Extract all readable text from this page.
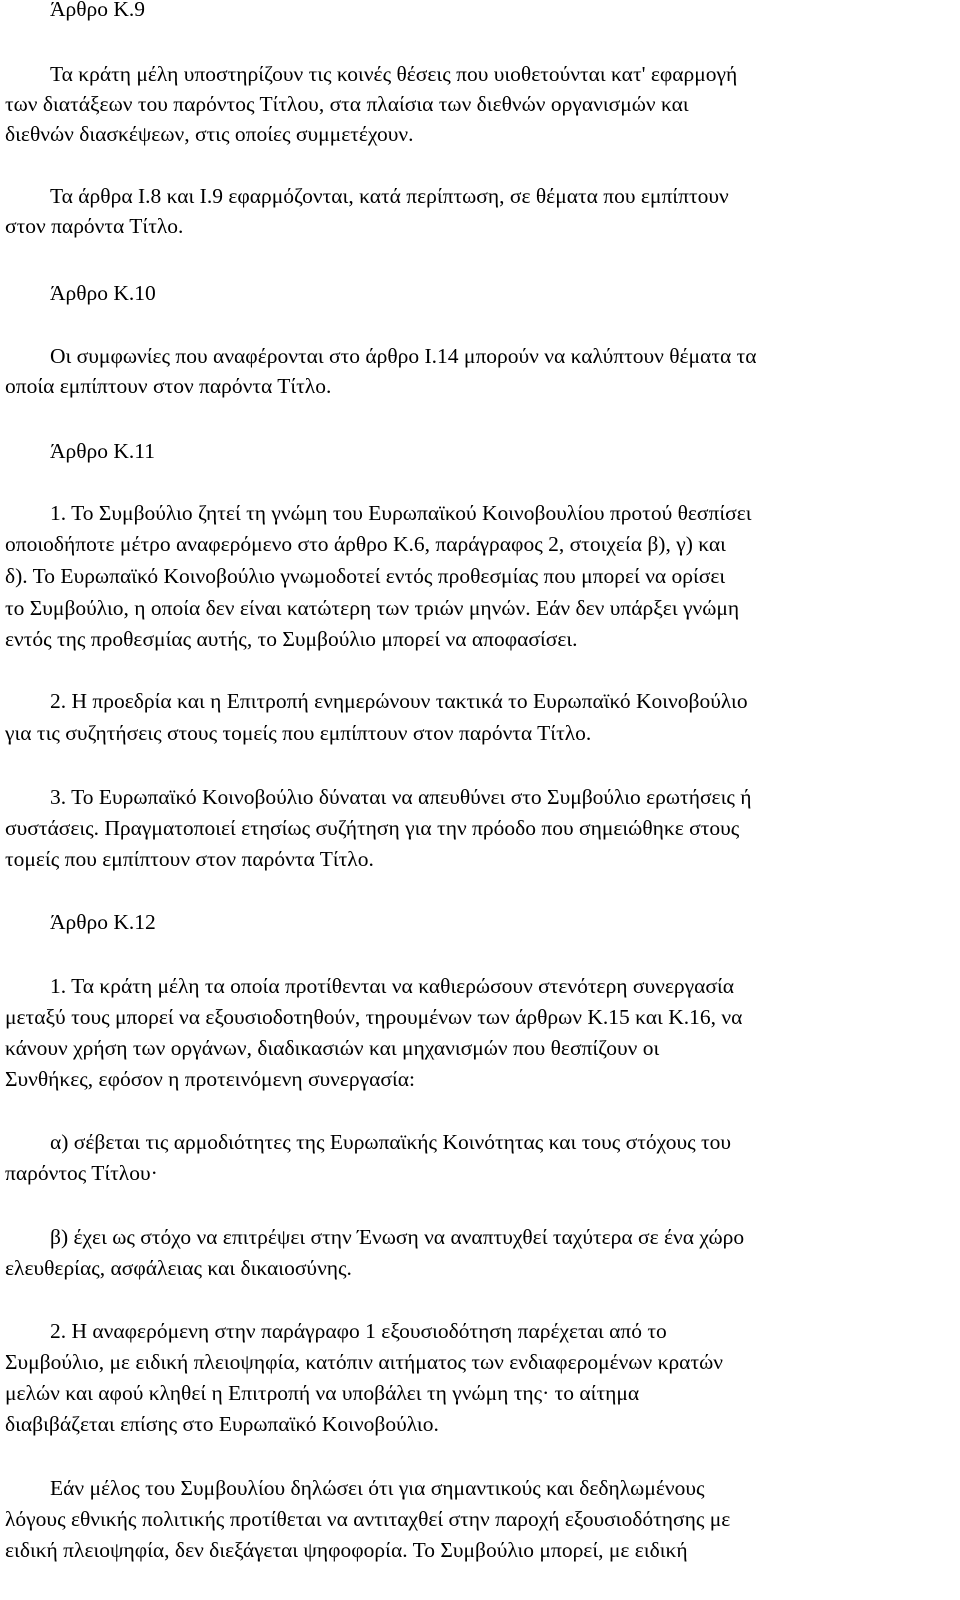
Άρθρο Κ.9
Τα κράτη μέλη υποστηρίζουν τις κοινές θέσεις που υιοθετούνται κατ' εφαρμογή
των διατάξεων του παρόντος Τίτλου, στα πλαίσια των διεθνών οργανισμών και
διεθνών διασκέψεων, στις οποίες συμμετέχουν.
Τα άρθρα Ι.8 και Ι.9 εφαρμόζονται, κατά περίπτωση, σε θέματα που εμπίπτουν
στον παρόντα Τίτλο.
Άρθρο Κ.10
Οι συμφωνίες που αναφέρονται στο άρθρο Ι.14 μπορούν να καλύπτουν θέματα τα
οποία εμπίπτουν στον παρόντα Τίτλο.
Άρθρο Κ.11
1. Το Συμβούλιο ζητεί τη γνώμη του Ευρωπαϊκού Κοινοβουλίου προτού θεσπίσει
οποιοδήποτε μέτρο αναφερόμενο στο άρθρο Κ.6, παράγραφος 2, στοιχεία β), γ) και
δ). Το Ευρωπαϊκό Κοινοβούλιο γνωμοδοτεί εντός προθεσμίας που μπορεί να ορίσει
το Συμβούλιο, η οποία δεν είναι κατώτερη των τριών μηνών. Εάν δεν υπάρξει γνώμη
εντός της προθεσμίας αυτής, το Συμβούλιο μπορεί να αποφασίσει.
2. Η προεδρία και η Επιτροπή ενημερώνουν τακτικά το Ευρωπαϊκό Κοινοβούλιο
για τις συζητήσεις στους τομείς που εμπίπτουν στον παρόντα Τίτλο.
3. Το Ευρωπαϊκό Κοινοβούλιο δύναται να απευθύνει στο Συμβούλιο ερωτήσεις ή
συστάσεις. Πραγματοποιεί ετησίως συζήτηση για την πρόοδο που σημειώθηκε στους
τομείς που εμπίπτουν στον παρόντα Τίτλο.
Άρθρο Κ.12
1. Τα κράτη μέλη τα οποία προτίθενται να καθιερώσουν στενότερη συνεργασία
μεταξύ τους μπορεί να εξουσιοδοτηθούν, τηρουμένων των άρθρων Κ.15 και Κ.16, να
κάνουν χρήση των οργάνων, διαδικασιών και μηχανισμών που θεσπίζουν οι
Συνθήκες, εφόσον η προτεινόμενη συνεργασία:
α) σέβεται τις αρμοδιότητες της Ευρωπαϊκής Κοινότητας και τους στόχους του
παρόντος Τίτλου·
β) έχει ως στόχο να επιτρέψει στην Ένωση να αναπτυχθεί ταχύτερα σε ένα χώρο
ελευθερίας, ασφάλειας και δικαιοσύνης.
2. Η αναφερόμενη στην παράγραφο 1 εξουσιοδότηση παρέχεται από το
Συμβούλιο, με ειδική πλειοψηφία, κατόπιν αιτήματος των ενδιαφερομένων κρατών
μελών και αφού κληθεί η Επιτροπή να υποβάλει τη γνώμη της· το αίτημα
διαβιβάζεται επίσης στο Ευρωπαϊκό Κοινοβούλιο.
Εάν μέλος του Συμβουλίου δηλώσει ότι για σημαντικούς και δεδηλωμένους
λόγους εθνικής πολιτικής προτίθεται να αντιταχθεί στην παροχή εξουσιοδότησης με
ειδική πλειοψηφία, δεν διεξάγεται ψηφοφορία. Το Συμβούλιο μπορεί, με ειδική
